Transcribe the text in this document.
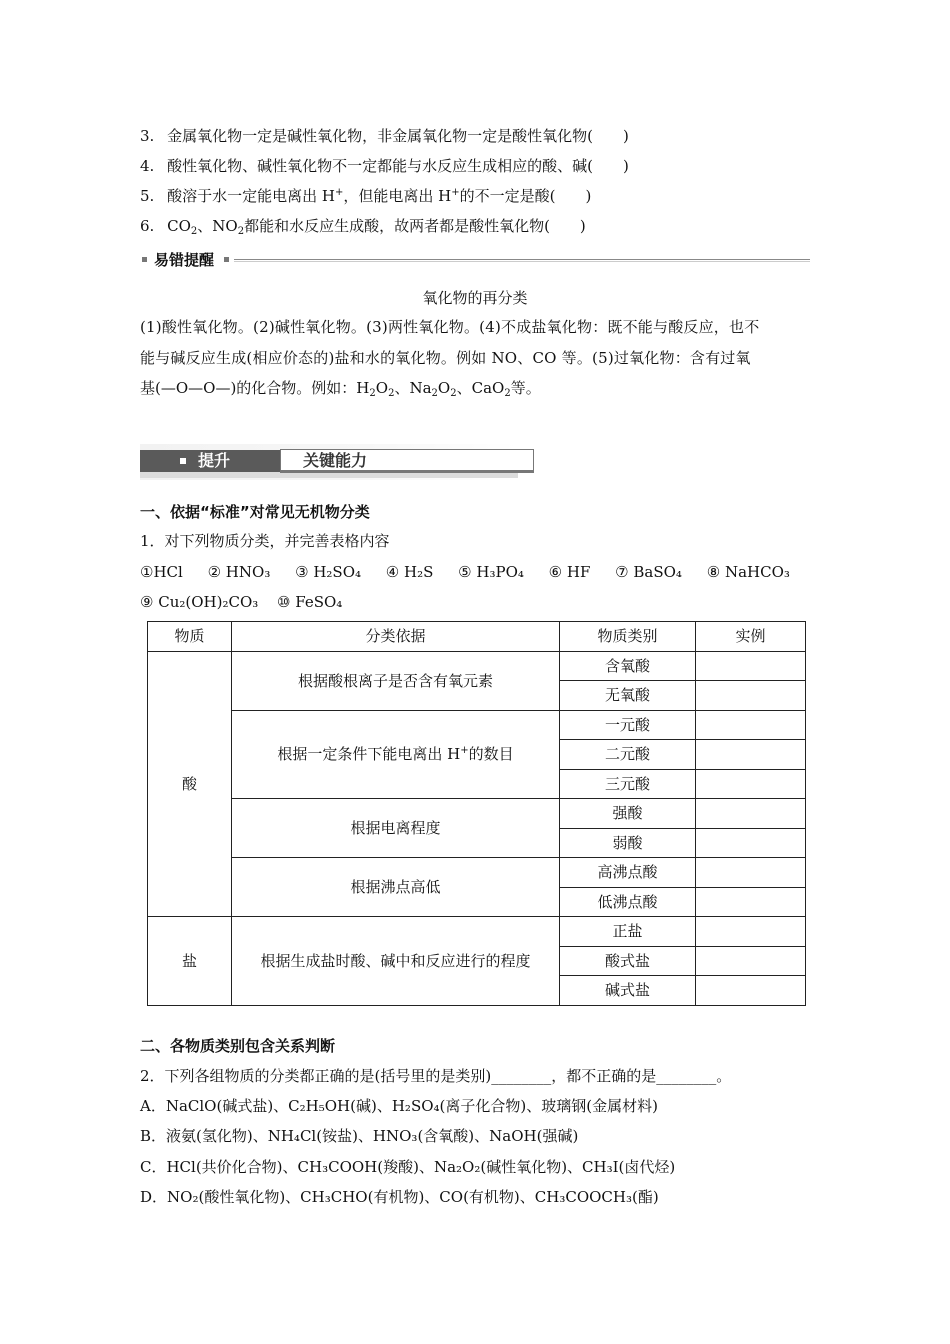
3. 金属氧化物一定是碱性氧化物，非金属氧化物一定是酸性氧化物(　　)
4. 酸性氧化物、碱性氧化物不一定都能与水反应生成相应的酸、碱(　　)
5. 酸溶于水一定能电离出 H+，但能电离出 H+的不一定是酸(　　)
6. $CO_2$、$NO_2$都能和水反应生成酸，故两者都是酸性氧化物(　　)
易错提醒
氧化物的再分类
(1)酸性氧化物。(2)碱性氧化物。(3)两性氧化物。(4)不成盐氧化物：既不能与酸反应，也不
能与碱反应生成(相应价态的)盐和水的氧化物。例如 NO、CO 等。(5)过氧化物：含有过氧
基(—O—O—)的化合物。例如：$H_2O_2$、$Na_2O_2$、CaO$_2$等。
提升	关键能力
一、依据“标准”对常见无机物分类
1．对下列物质分类，并完善表格内容
①HCl ② HNO₃ ③ H₂SO₄ ④ H₂S ⑤ H₃PO₄ ⑥ HF ⑦ BaSO₄ ⑧ NaHCO₃
⑨ Cu₂(OH)₂CO₃ ⑩ FeSO₄
物质	分类依据	物质类别	实例
酸	根据酸根离子是否含有氧元素	含氧酸	
		无氧酸	
	根据一定条件下能电离出 H+的数目	一元酸	
		二元酸	
		三元酸	
	根据电离程度	强酸	
		弱酸	
	根据沸点高低	高沸点酸	
		低沸点酸	
盐	根据生成盐时酸、碱中和反应进行的程度	正盐	
		酸式盐	
		碱式盐	
二、各物质类别包含关系判断
2．下列各组物质的分类都正确的是(括号里的是类别)________，都不正确的是________。
A．NaClO(碱式盐)、C₂H₅OH(碱)、H₂SO₄(离子化合物)、玻璃钢(金属材料)
B．液氨(氢化物)、NH₄Cl(铵盐)、HNO₃(含氧酸)、NaOH(强碱)
C．HCl(共价化合物)、CH₃COOH(羧酸)、Na₂O₂(碱性氧化物)、CH₃I(卤代烃)
D．NO₂(酸性氧化物)、CH₃CHO(有机物)、CO(有机物)、CH₃COOCH₃(酯)
